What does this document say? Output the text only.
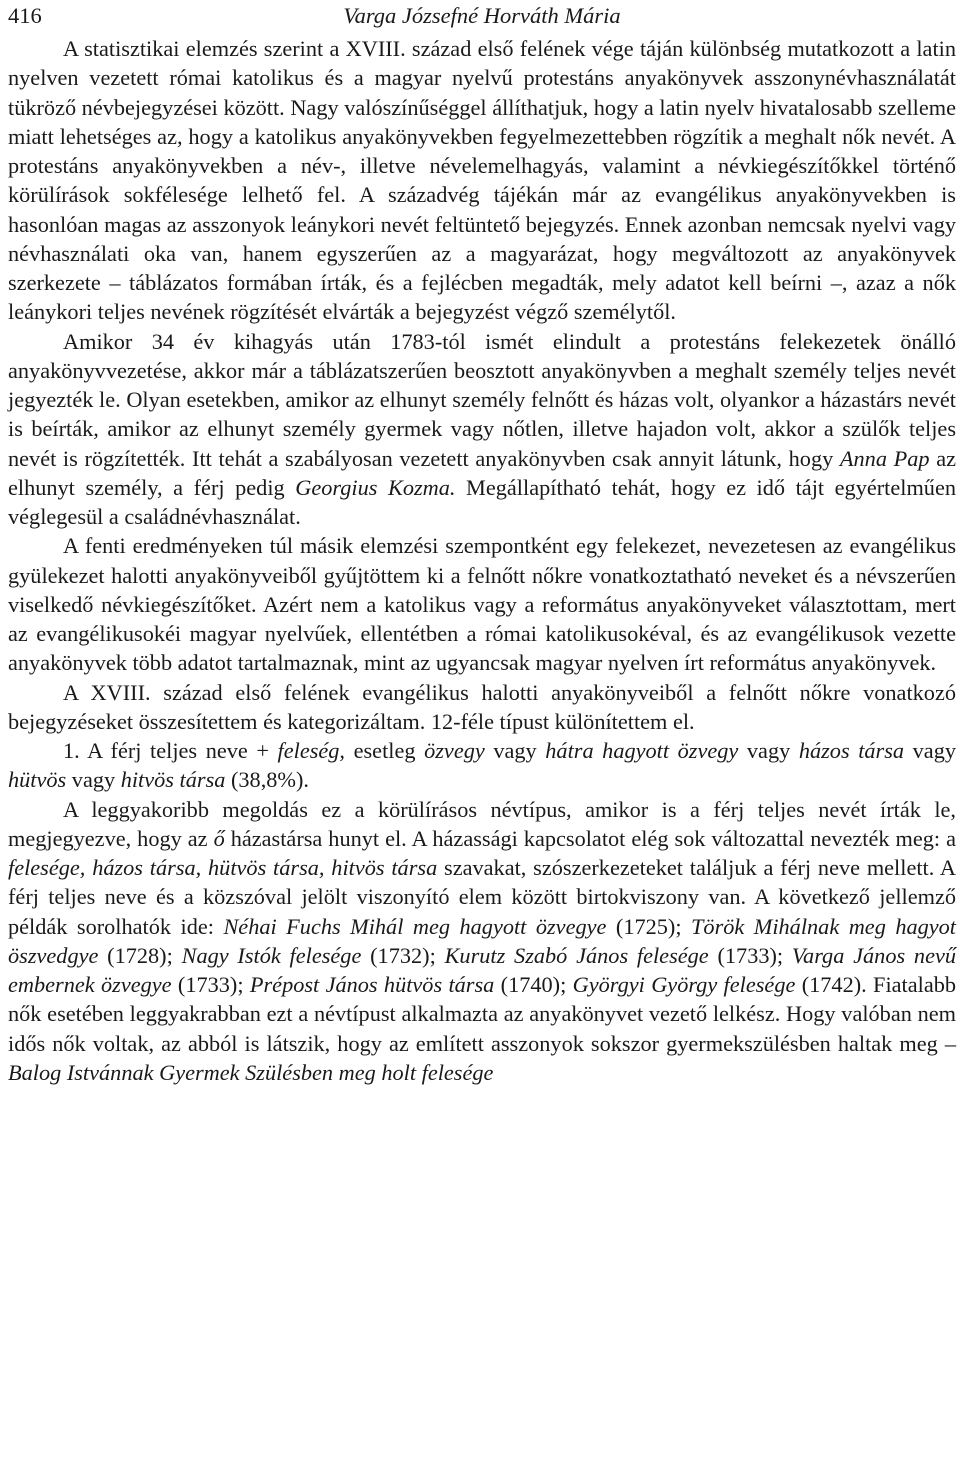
416	Varga Józsefné Horváth Mária

A statisztikai elemzés szerint a XVIII. század első felének vége táján különbség mutatkozott a latin nyelven vezetett római katolikus és a magyar nyelvű protestáns anyakönyvek asszonynévhasználatát tükröző névbejegyzései között. Nagy valószínűséggel állíthatjuk, hogy a latin nyelv hivatalosabb szelleme miatt lehetséges az, hogy a katolikus anyakönyvekben fegyelmezettebben rögzítik a meghalt nők nevét. A protestáns anyakönyvekben a név-, illetve névelemelhagyás, valamint a névkiegészítőkkel történő körülírások sokfélesége lelhető fel. A századvég tájékán már az evangélikus anyakönyvekben is hasonlóan magas az asszonyok leánykori nevét feltüntető bejegyzés. Ennek azonban nemcsak nyelvi vagy névhasználati oka van, hanem egyszerűen az a magyarázat, hogy megváltozott az anyakönyvek szerkezete – táblázatos formában írták, és a fejlécben megadták, mely adatot kell beírni –, azaz a nők leánykori teljes nevének rögzítését elvárták a bejegyzést végző személytől.

Amikor 34 év kihagyás után 1783-tól ismét elindult a protestáns felekezetek önálló anyakönyvvezetése, akkor már a táblázatszerűen beosztott anyakönyvben a meghalt személy teljes nevét jegyezték le. Olyan esetekben, amikor az elhunyt személy felnőtt és házas volt, olyankor a házastárs nevét is beírták, amikor az elhunyt személy gyermek vagy nőtlen, illetve hajadon volt, akkor a szülők teljes nevét is rögzítették. Itt tehát a szabályosan vezetett anyakönyvben csak annyit látunk, hogy Anna Pap az elhunyt személy, a férj pedig Georgius Kozma. Megállapítható tehát, hogy ez idő tájt egyértelműen véglegesül a családnévhasználat.

A fenti eredményeken túl másik elemzési szempontként egy felekezet, nevezetesen az evangélikus gyülekezet halotti anyakönyveiből gyűjtöttem ki a felnőtt nőkre vonatkoztatható neveket és a névszerűen viselkedő névkiegészítőket. Azért nem a katolikus vagy a református anyakönyveket választottam, mert az evangélikusokéi magyar nyelvűek, ellentétben a római katolikusokéval, és az evangélikusok vezette anyakönyvek több adatot tartalmaznak, mint az ugyancsak magyar nyelven írt református anyakönyvek.

A XVIII. század első felének evangélikus halotti anyakönyveiből a felnőtt nőkre vonatkozó bejegyzéseket összesítettem és kategorizáltam. 12-féle típust különítettem el.

1. A férj teljes neve + feleség, esetleg özvegy vagy hátra hagyott özvegy vagy házos társa vagy hütvös vagy hitvös társa (38,8%).

A leggyakoribb megoldás ez a körülírásos névtípus, amikor is a férj teljes nevét írták le, megjegyezve, hogy az ő házastársa hunyt el. A házassági kapcsolatot elég sok változattal nevezték meg: a felesége, házos társa, hütvös társa, hitvös társa szavakat, szószerkezeteket találjuk a férj neve mellett. A férj teljes neve és a közszóval jelölt viszonyító elem között birtokviszony van. A következő jellemző példák sorolhatók ide: Néhai Fuchs Mihál meg hagyott özvegye (1725); Török Mihálnak meg hagyot öszvedgye (1728); Nagy Istók felesége (1732); Kurutz Szabó János felesége (1733); Varga János nevű embernek özvegye (1733); Prépost János hütvös társa (1740); Györgyi György felesége (1742). Fiatalabb nők esetében leggyakrabban ezt a névtípust alkalmazta az anyakönyvet vezető lelkész. Hogy valóban nem idős nők voltak, az abból is látszik, hogy az említett asszonyok sokszor gyermekszülésben haltak meg – Balog Istvánnak Gyermek Szülésben meg holt felesége
